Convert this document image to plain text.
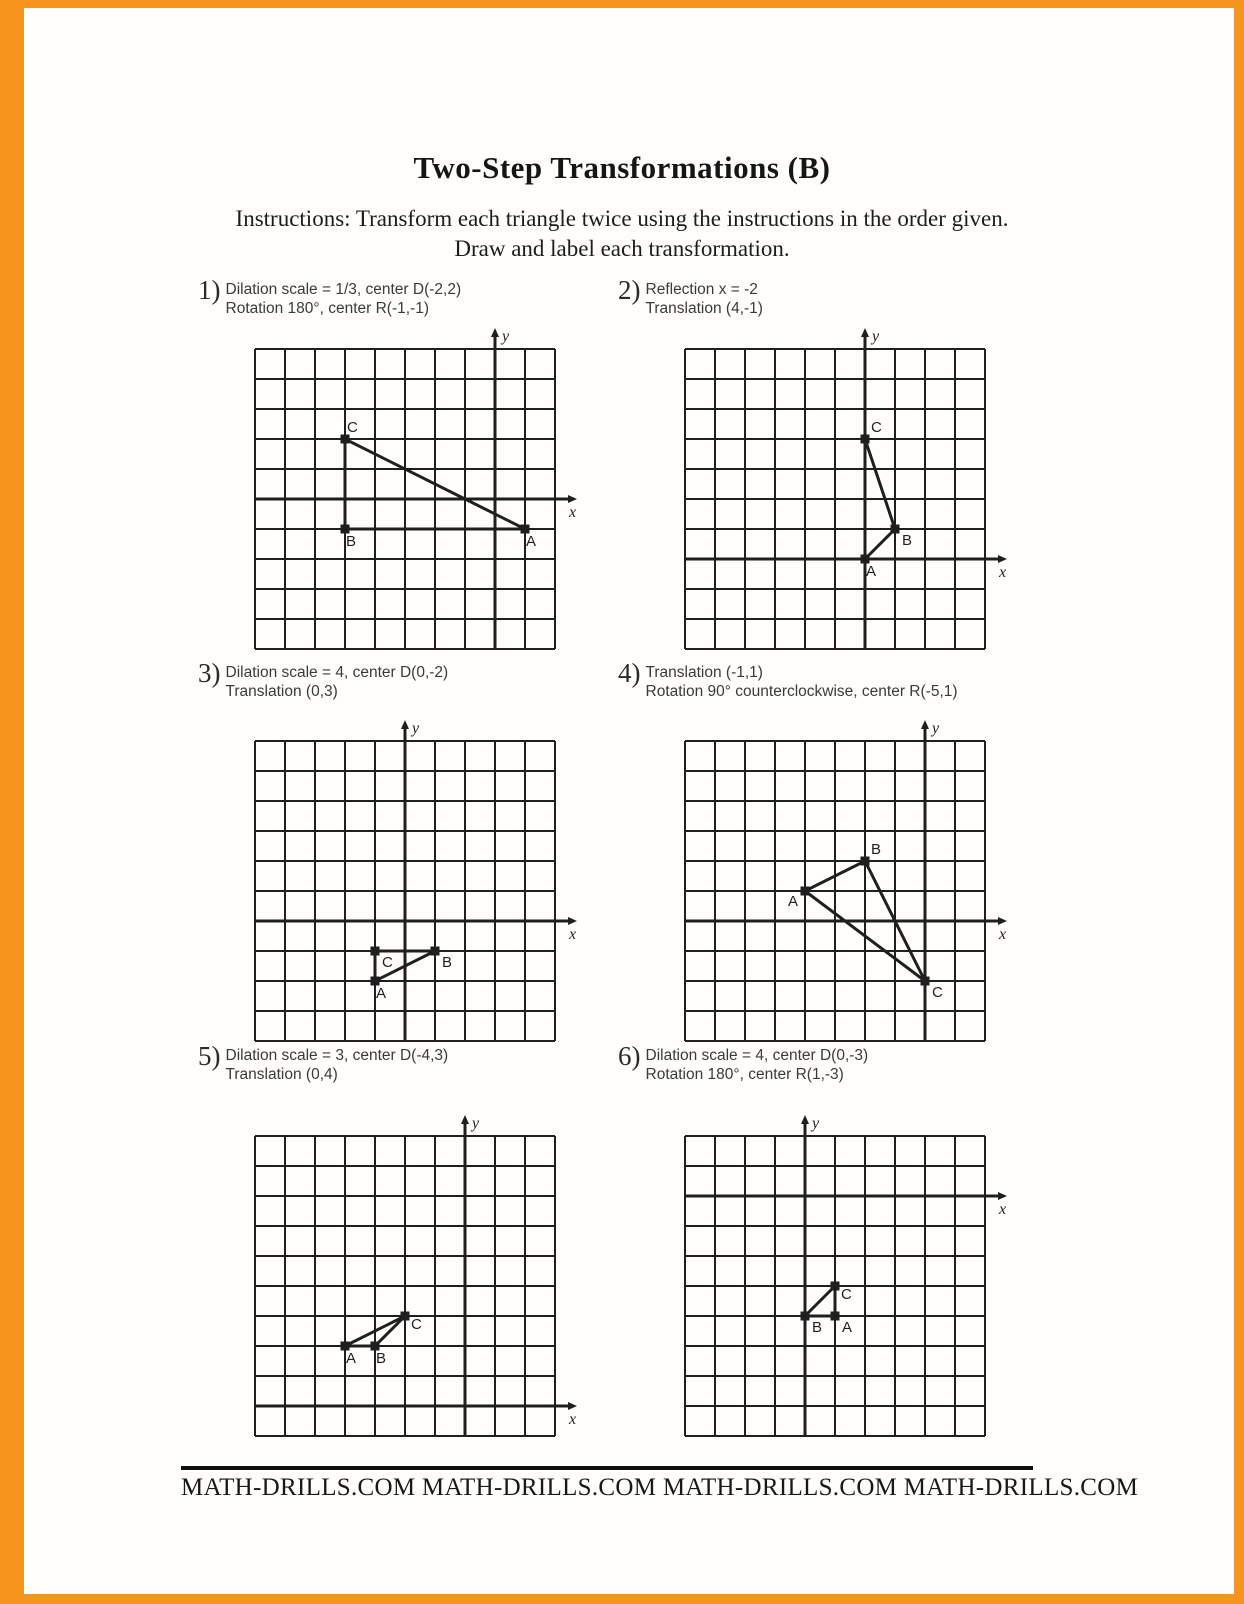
Two-Step Transformations (B)
Instructions: Transform each triangle twice using the instructions in the order given.
Draw and label each transformation.
1) Dilation scale = 1/3, center D(-2,2)
Rotation 180°, center R(-1,-1)
y
x
A
B
C
2) Reflection x = -2
Translation (4,-1)
y
x
A
B
C
3) Dilation scale = 4, center D(0,-2)
Translation (0,3)
y
x
A
B
C
4) Translation (-1,1)
Rotation 90° counterclockwise, center R(-5,1)
y
x
A
B
C
5) Dilation scale = 3, center D(-4,3)
Translation (0,4)
y
x
A B
C
6) Dilation scale = 4, center D(0,-3)
Rotation 180°, center R(1,-3)
y
x
A
B
C
MATH-DRILLS.COM MATH-DRILLS.COM MATH-DRILLS.COM MATH-DRILLS.COM
